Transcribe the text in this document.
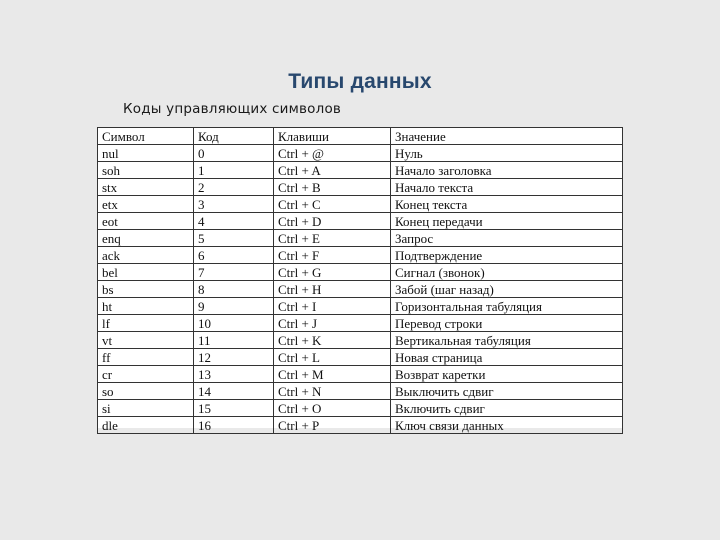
Типы данных
Коды управляющих символов
Символ	Код	Клавиши	Значение
nul	0	Ctrl + @	Нуль
soh	1	Ctrl + A	Начало заголовка
stx	2	Ctrl + B	Начало текста
etx	3	Ctrl + C	Конец текста
eot	4	Ctrl + D	Конец передачи
enq	5	Ctrl + E	Запрос
ack	6	Ctrl + F	Подтверждение
bel	7	Ctrl + G	Сигнал (звонок)
bs	8	Ctrl + H	Забой (шаг назад)
ht	9	Ctrl + I	Горизонтальная табуляция
lf	10	Ctrl + J	Перевод строки
vt	11	Ctrl + K	Вертикальная табуляция
ff	12	Ctrl + L	Новая страница
cr	13	Ctrl + M	Возврат каретки
so	14	Ctrl + N	Выключить сдвиг
si	15	Ctrl + O	Включить сдвиг
dle	16	Ctrl + P	Ключ связи данных
